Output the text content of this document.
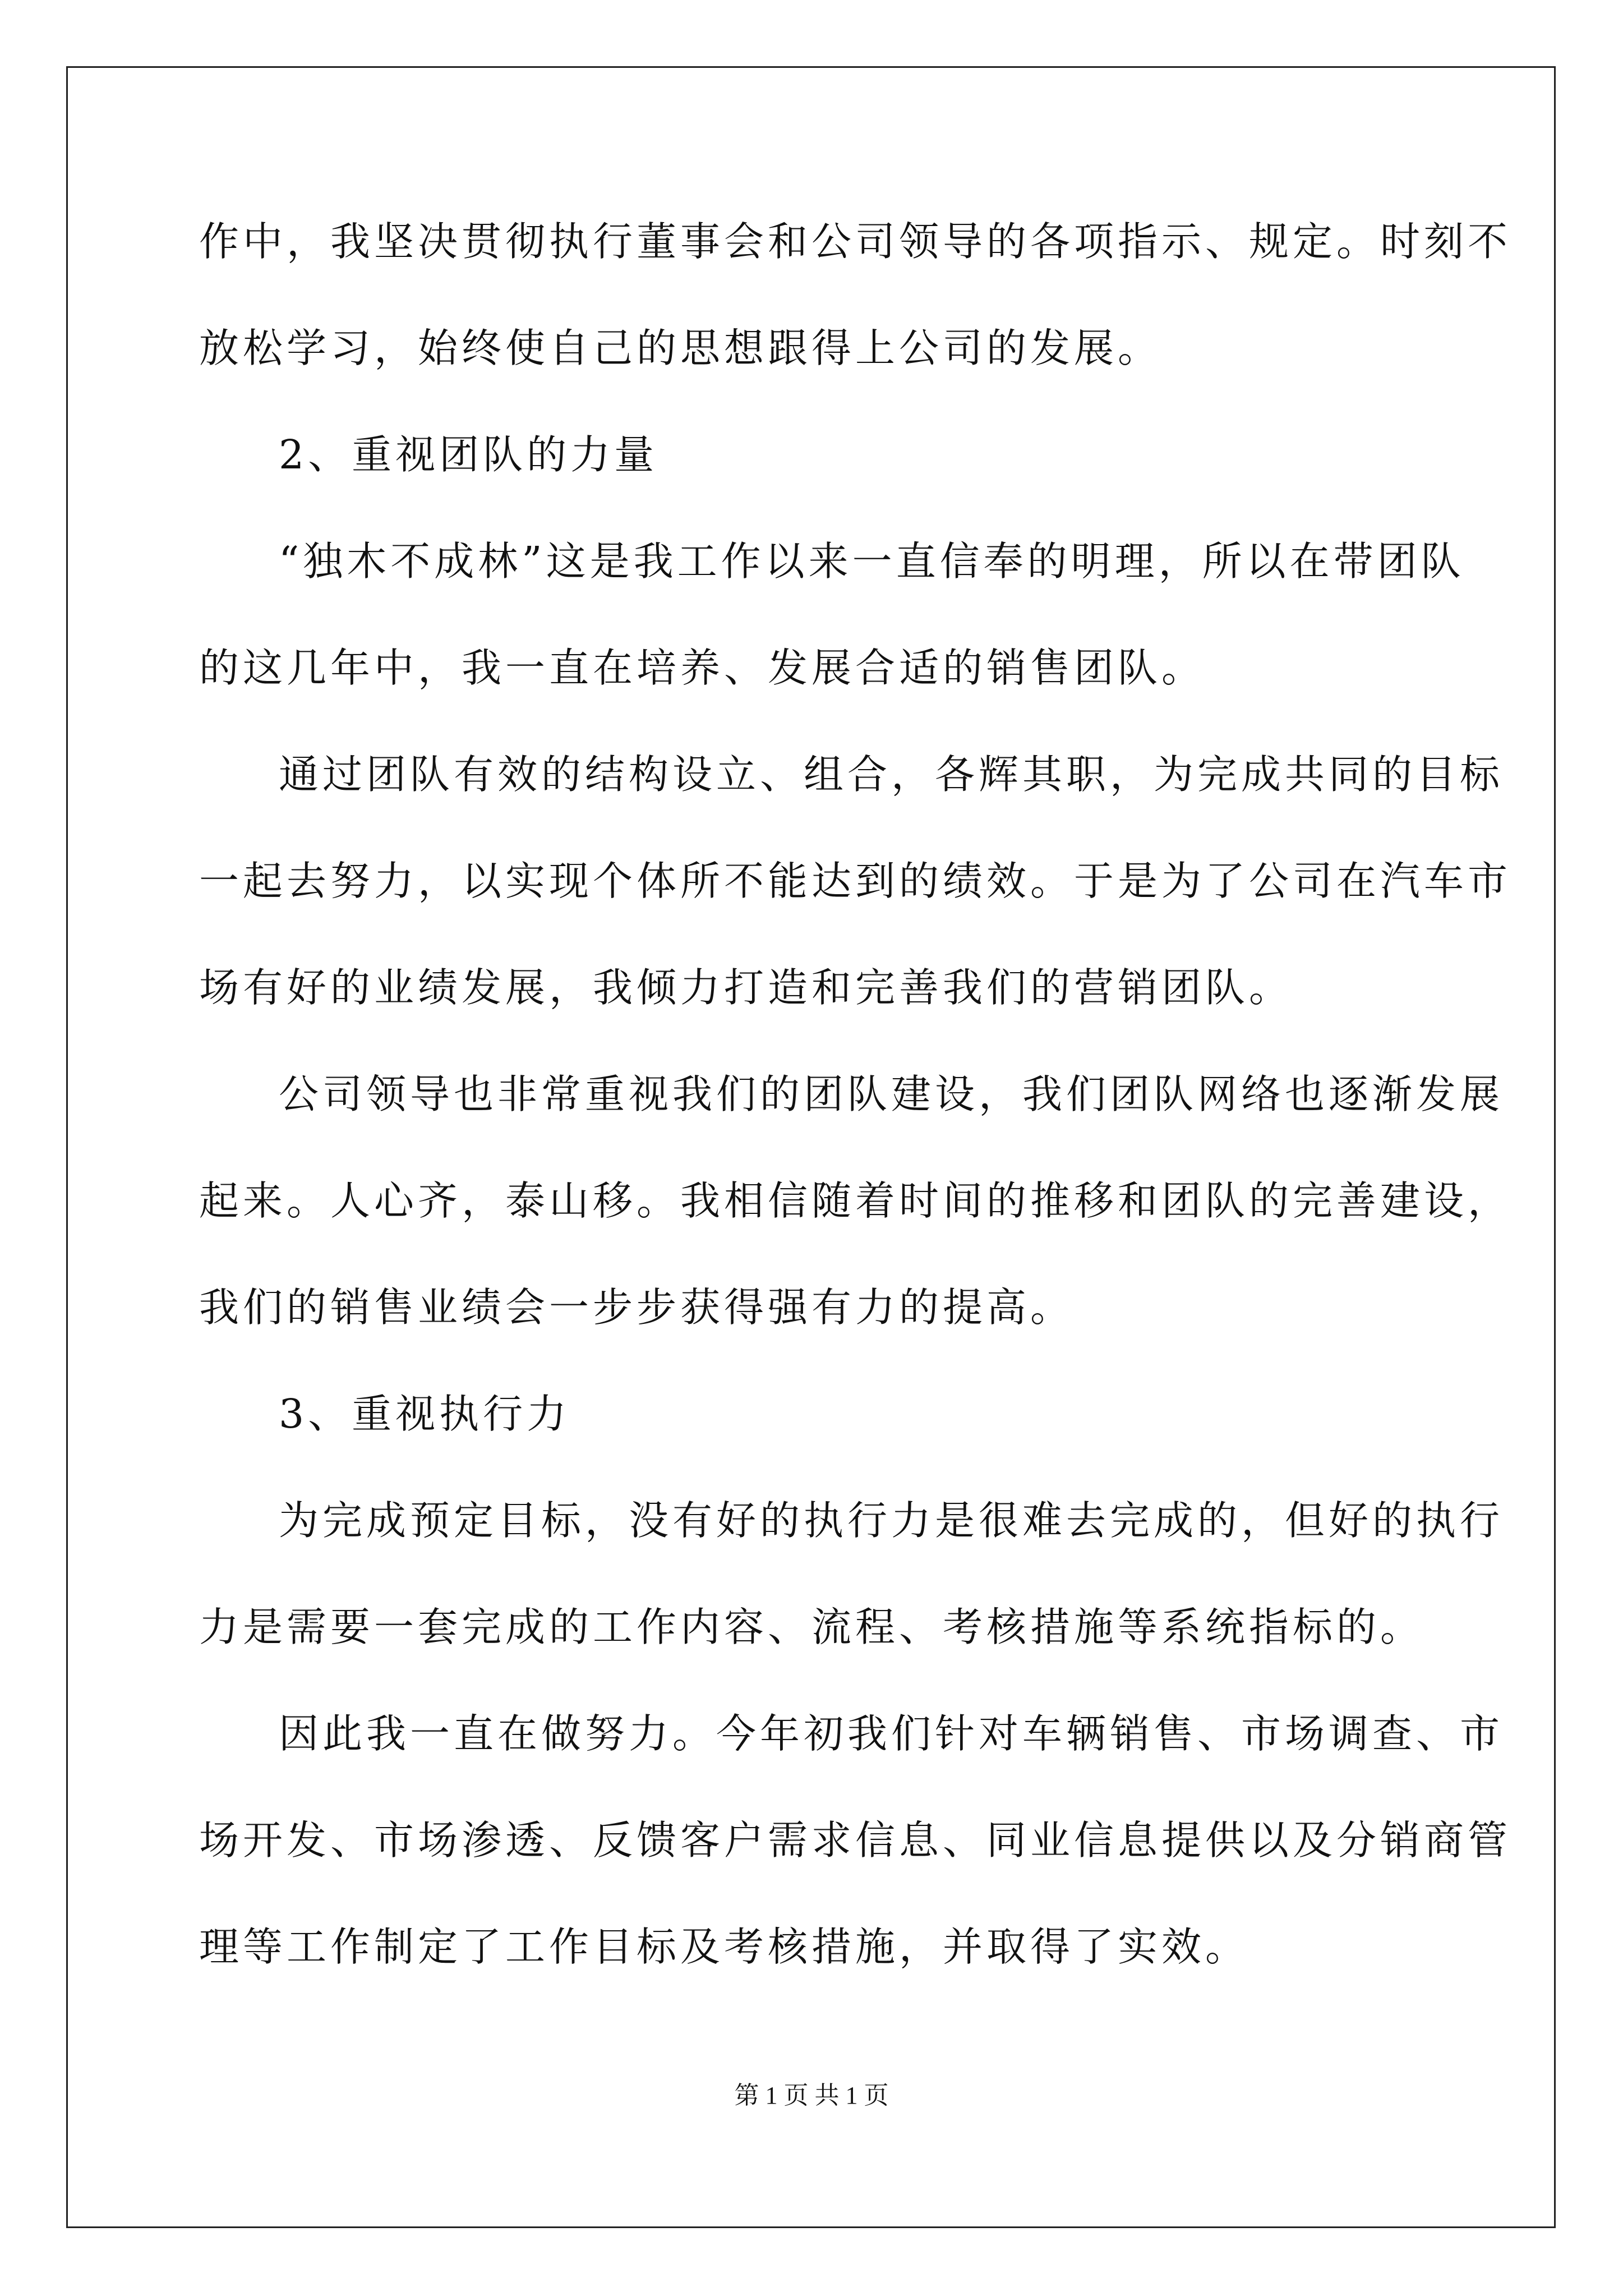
作中，我坚决贯彻执行董事会和公司领导的各项指示、规定。时刻不
放松学习，始终使自己的思想跟得上公司的发展。
2、重视团队的力量
“独木不成林”这是我工作以来一直信奉的明理，所以在带团队
的这几年中，我一直在培养、发展合适的销售团队。
通过团队有效的结构设立、组合，各辉其职，为完成共同的目标
一起去努力，以实现个体所不能达到的绩效。于是为了公司在汽车市
场有好的业绩发展，我倾力打造和完善我们的营销团队。
公司领导也非常重视我们的团队建设，我们团队网络也逐渐发展
起来。人心齐，泰山移。我相信随着时间的推移和团队的完善建设，
我们的销售业绩会一步步获得强有力的提高。
3、重视执行力
为完成预定目标，没有好的执行力是很难去完成的，但好的执行
力是需要一套完成的工作内容、流程、考核措施等系统指标的。
因此我一直在做努力。今年初我们针对车辆销售、市场调查、市
场开发、市场渗透、反馈客户需求信息、同业信息提供以及分销商管
理等工作制定了工作目标及考核措施，并取得了实效。
第 1 页 共 1 页
